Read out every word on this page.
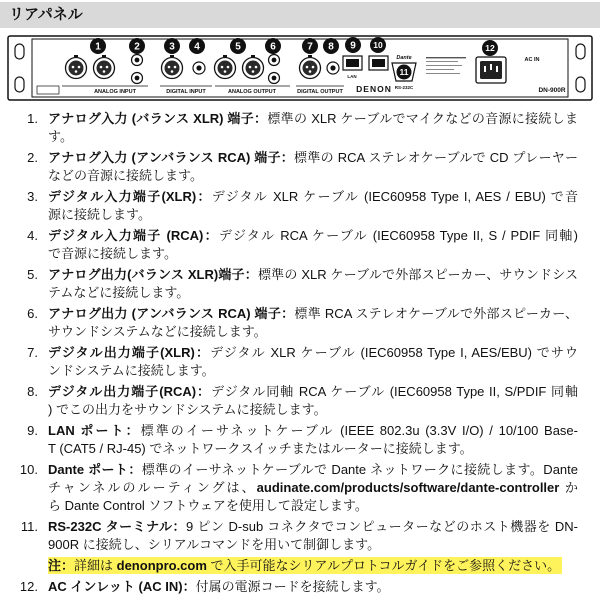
リアパネル
LAN
Dante
RS-232C
AC IN
ANALOG INPUT	DIGITAL INPUT	ANALOG OUTPUT	DIGITAL OUTPUT DENON	DN-900R
1	2	3 4	5	6	7 8 9 10
11
12
1. アナログ入力 (バランス XLR) 端子：標準の XLR ケーブルでマイクなどの音源に接続しま
す。
2. アナログ入力 (アンバランス RCA) 端子：標準の RCA ステレオケーブルで CD プレーヤー
などの音源に接続します。
3. デジタル入力端子(XLR)：デジタル XLR ケーブル (IEC60958 Type I, AES / EBU) で音
源に接続します。
4. デジタル入力端子 (RCA)：デジタル RCA ケーブル (IEC60958 Type II, S / PDIF 同軸)
で音源に接続します。
5. アナログ出力(バランス XLR)端子：標準の XLR ケーブルで外部スピーカー、サウンドシス
テムなどに接続します。
6. アナログ出力 (アンバランス RCA) 端子：標準 RCA ステレオケーブルで外部スピーカー、
サウンドシステムなどに接続します。
7. デジタル出力端子(XLR)：デジタル XLR ケーブル (IEC60958 Type I, AES/EBU) でサウ
ンドシステムに接続します。
8. デジタル出力端子(RCA)：デジタル同軸 RCA ケーブル (IEC60958 Type II, S/PDIF 同軸
) でこの出力をサウンドシステムに接続します。
9. LAN ポート：標準のイーサネットケーブル (IEEE 802.3u (3.3V I/O) / 10/100 Base-
T (CAT5 / RJ-45) でネットワークスイッチまたはルーターに接続します。
10. Dante ポート：標準のイーサネットケーブルで Dante ネットワークに接続します。Dante
チャンネルのルーティングは、audinate.com/products/software/dante-controller か
ら Dante Control ソフトウェアを使用して設定します。
11. RS-232C ターミナル：9 ピン D-sub コネクタでコンピューターなどのホスト機器を DN-
900R に接続し、シリアルコマンドを用いて制御します。
注：詳細は denonpro.com で入手可能なシリアルプロトコルガイドをご参照ください。
12. AC インレット (AC IN)：付属の電源コードを接続します。
